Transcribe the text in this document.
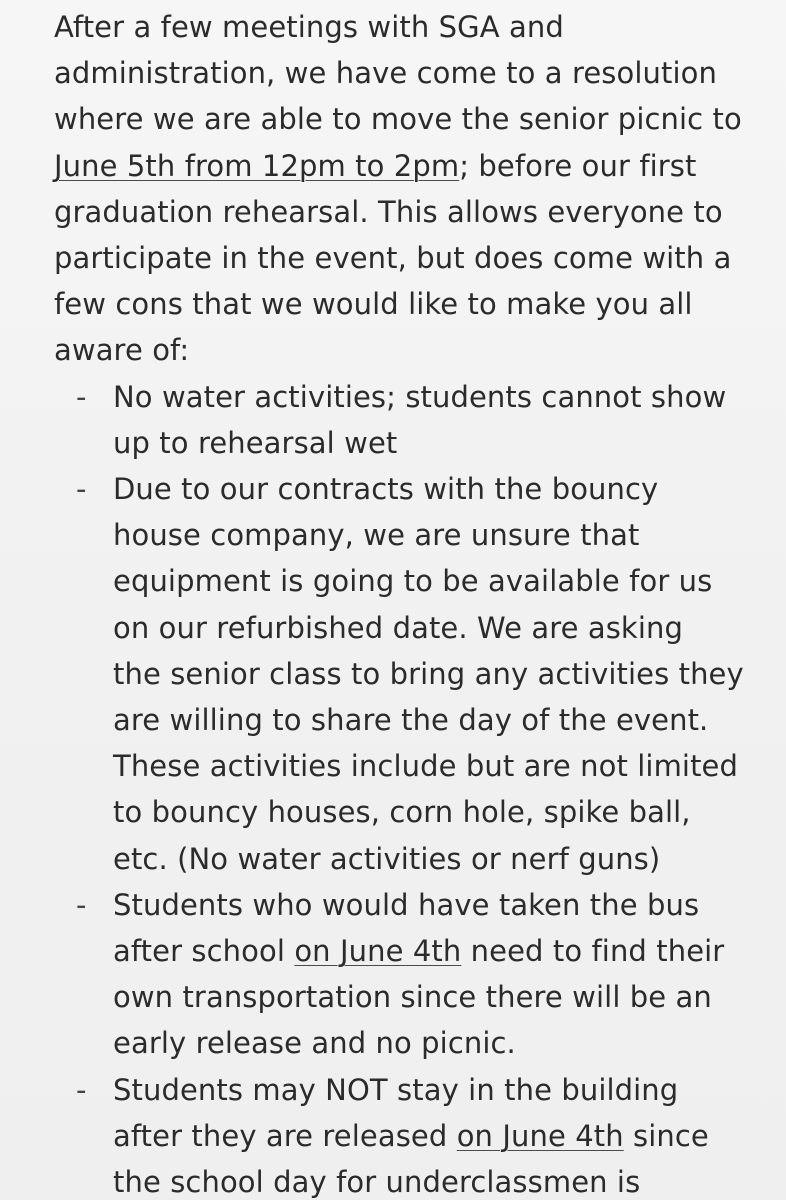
After a few meetings with SGA and
administration, we have come to a resolution
where we are able to move the senior picnic to
June 5th from 12pm to 2pm; before our first
graduation rehearsal. This allows everyone to
participate in the event, but does come with a
few cons that we would like to make you all
aware of:

- No water activities; students cannot show
up to rehearsal wet
- Due to our contracts with the bouncy
house company, we are unsure that
equipment is going to be available for us
on our refurbished date. We are asking
the senior class to bring any activities they
are willing to share the day of the event.
These activities include but are not limited
to bouncy houses, corn hole, spike ball,
etc. (No water activities or nerf guns)
- Students who would have taken the bus
after school on June 4th need to find their
own transportation since there will be an
early release and no picnic.
- Students may NOT stay in the building
after they are released on June 4th since
the school day for underclassmen is
